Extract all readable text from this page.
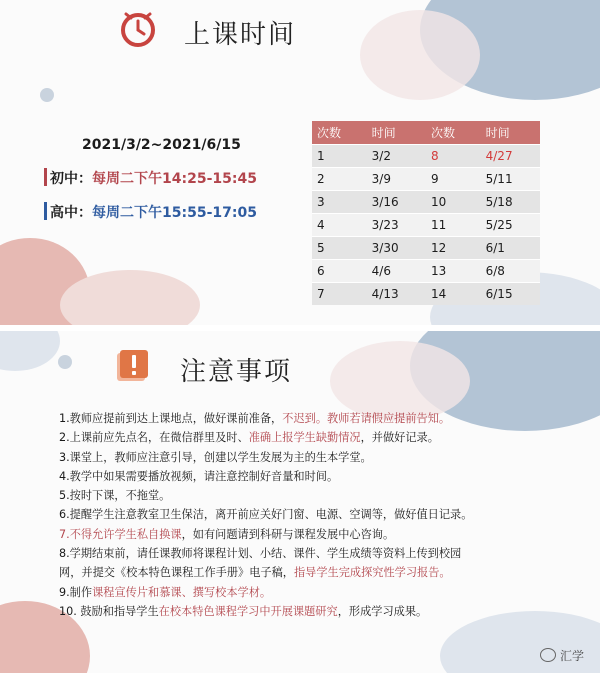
上课时间
2021/3/2~2021/6/15
初中：每周二下午14:25-15:45
高中：每周二下午15:55-17:05
次数	时间	次数	时间
1	3/2	8	4/27
2	3/9	9	5/11
3	3/16	10	5/18
4	3/23	11	5/25
5	3/30	12	6/1
6	4/6	13	6/8
7	4/13	14	6/15
注意事项
1.教师应提前到达上课地点，做好课前准备，不迟到。教师若请假应提前告知。
2.上课前应先点名，在微信群里及时、准确上报学生缺勤情况，并做好记录。
3.课堂上，教师应注意引导，创建以学生发展为主的生本学堂。
4.教学中如果需要播放视频，请注意控制好音量和时间。
5.按时下课，不拖堂。
6.提醒学生注意教室卫生保洁，离开前应关好门窗、电源、空调等，做好值日记录。
7.不得允许学生私自换课，如有问题请到科研与课程发展中心咨询。
8.学期结束前，请任课教师将课程计划、小结、课件、学生成绩等资料上传到校园
网，并提交《校本特色课程工作手册》电子稿，指导学生完成探究性学习报告。
9.制作课程宣传片和慕课、撰写校本学材。
10. 鼓励和指导学生在校本特色课程学习中开展课题研究，形成学习成果。
汇学
